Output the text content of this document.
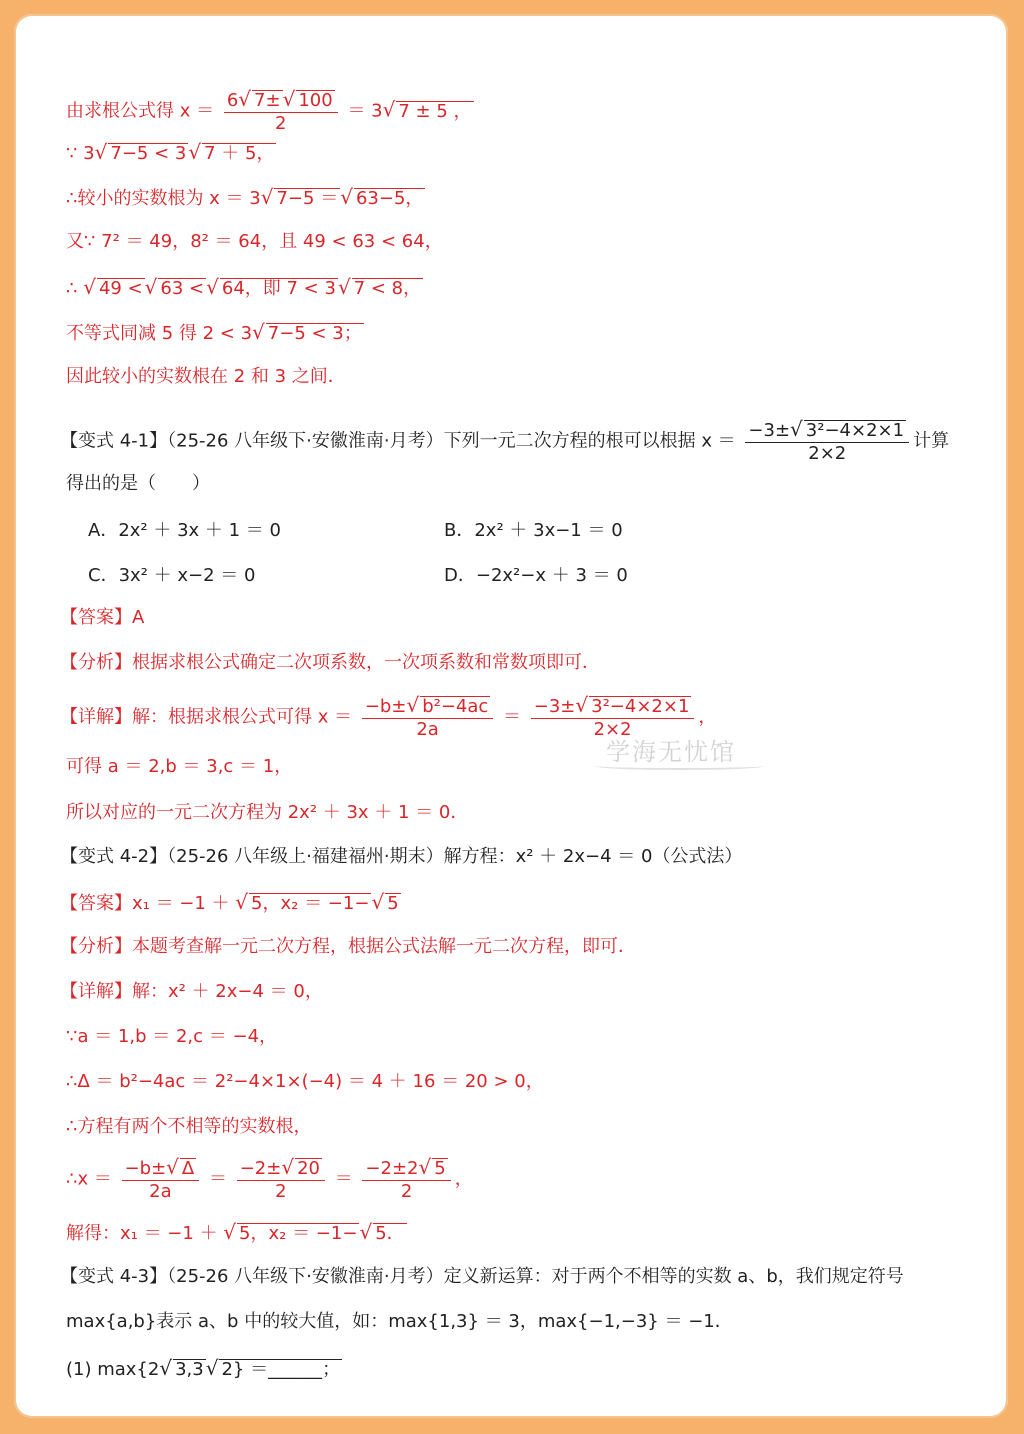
由求根公式得 $x = \frac{6√ 7\pm √ 100}{2} = 3√$ 7 ± 5 ，
∵ 3√ 7−5 < 3 √ 7 ＋ 5，
∴较小的实数根为 x ＝ 3√ 7−5 ＝√ 63−5，
又∵ 7² ＝ 49，8² ＝ 64，且 49 < 63 < 64，
∴ √ 49 <√ 63 <√ 64，即 7 < 3 √ 7 < 8，
不等式同减 5 得 2 < 3√ 7−5 < 3；
因此较小的实数根在 2 和 3 之间．
【变式 4-1】（25-26 八年级下·安徽淮南·月考）下列一元二次方程的根可以根据 $x = \frac{\text{−3±√ 3²−4×2×1}}{2\times 2}$ 计算
得出的是（　　）
A．2x² ＋ 3x ＋ 1 ＝ 0	B．2x² ＋ 3x−1 ＝ 0
C．3x² ＋ x−2 ＝ 0	D．−2x²−x ＋ 3 ＝ 0
【答案】A
【分析】根据求根公式确定二次项系数，一次项系数和常数项即可．
【详解】解：根据求根公式可得 $x = \frac{\text{−b±√ b²−4ac}}{2a} = \frac{\text{−3±√ 3²−4×2×1}}{2\times 2}$ ，
可得 a ＝ 2,b ＝ 3,c ＝ 1，
所以对应的一元二次方程为 2x² ＋ 3x ＋ 1 ＝ 0．
【变式 4-2】（25-26 八年级上·福建福州·期末）解方程：x² ＋ 2x−4 ＝ 0（公式法）
【答案】x₁ ＝ −1 ＋ √ 5，x₂ ＝ −1− √ 5
【分析】本题考查解一元二次方程，根据公式法解一元二次方程，即可．
【详解】解：x² ＋ 2x−4 ＝ 0，
∵a ＝ 1,b ＝ 2,c ＝ −4，
∴Δ ＝ b²−4ac ＝ 2²−4×1×(−4) ＝ 4 ＋ 16 ＝ 20 > 0，
∴方程有两个不相等的实数根，
∴x ＝ $\frac{-b\pm√ \Delta}{2a} = \frac{-2\pm√ 20}{2} = \frac{-2\pm 2√ 5}{2}$ ，
解得：x₁ ＝ −1 ＋ √ 5，x₂ ＝ −1− √ 5．
【变式 4-3】（25-26 八年级下·安徽淮南·月考）定义新运算：对于两个不相等的实数 a、b，我们规定符号
max{a,b}表示 a、b 中的较大值，如：max{1,3} ＝ 3，max{−1,−3} ＝ −1．
(1) max{2√ 3,3 √ 2} ＝______；
学海无忧馆
